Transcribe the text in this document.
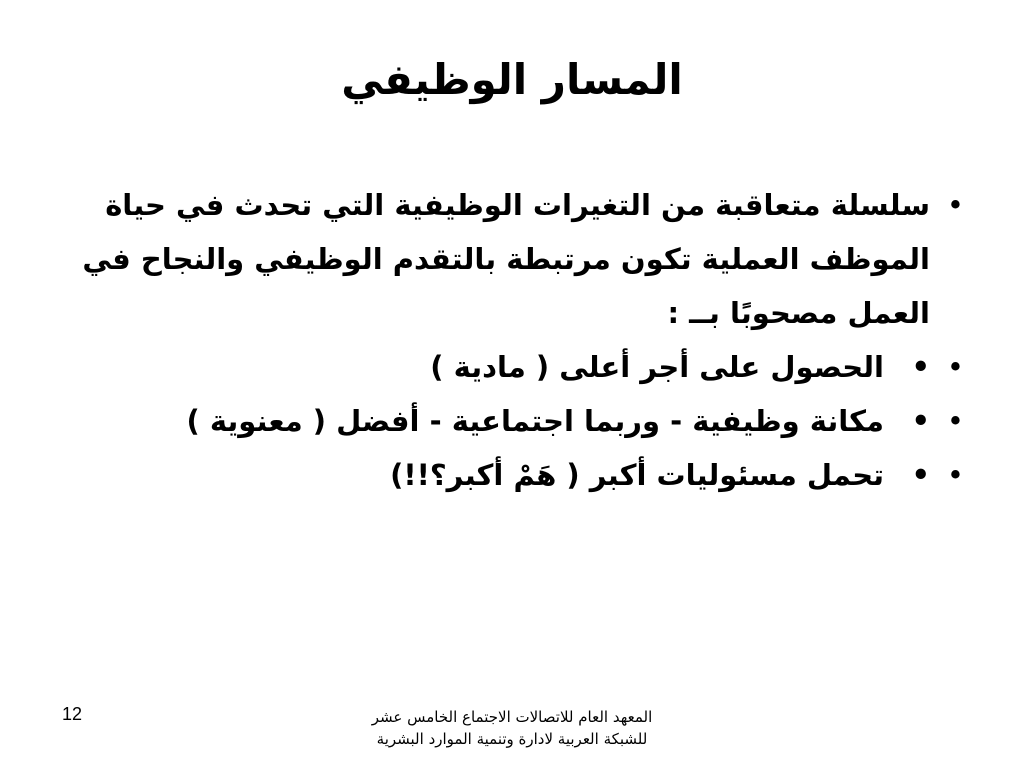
المسار الوظيفي
•
سلسلة متعاقبة من التغيرات الوظيفية التي تحدث في حياة الموظف العملية تكون مرتبطة بالتقدم الوظيفي والنجاح في العمل مصحوبًا بــ :
•
•
الحصول على أجر أعلى ( مادية )
•
•
مكانة وظيفية - وربما اجتماعية - أفضل ( معنوية )
•
•
تحمل مسئوليات أكبر ( هَمْ أكبر؟!!)
المعهد العام للاتصالات الاجتماع الخامس عشر
للشبكة العربية لادارة وتنمية الموارد البشرية
12
